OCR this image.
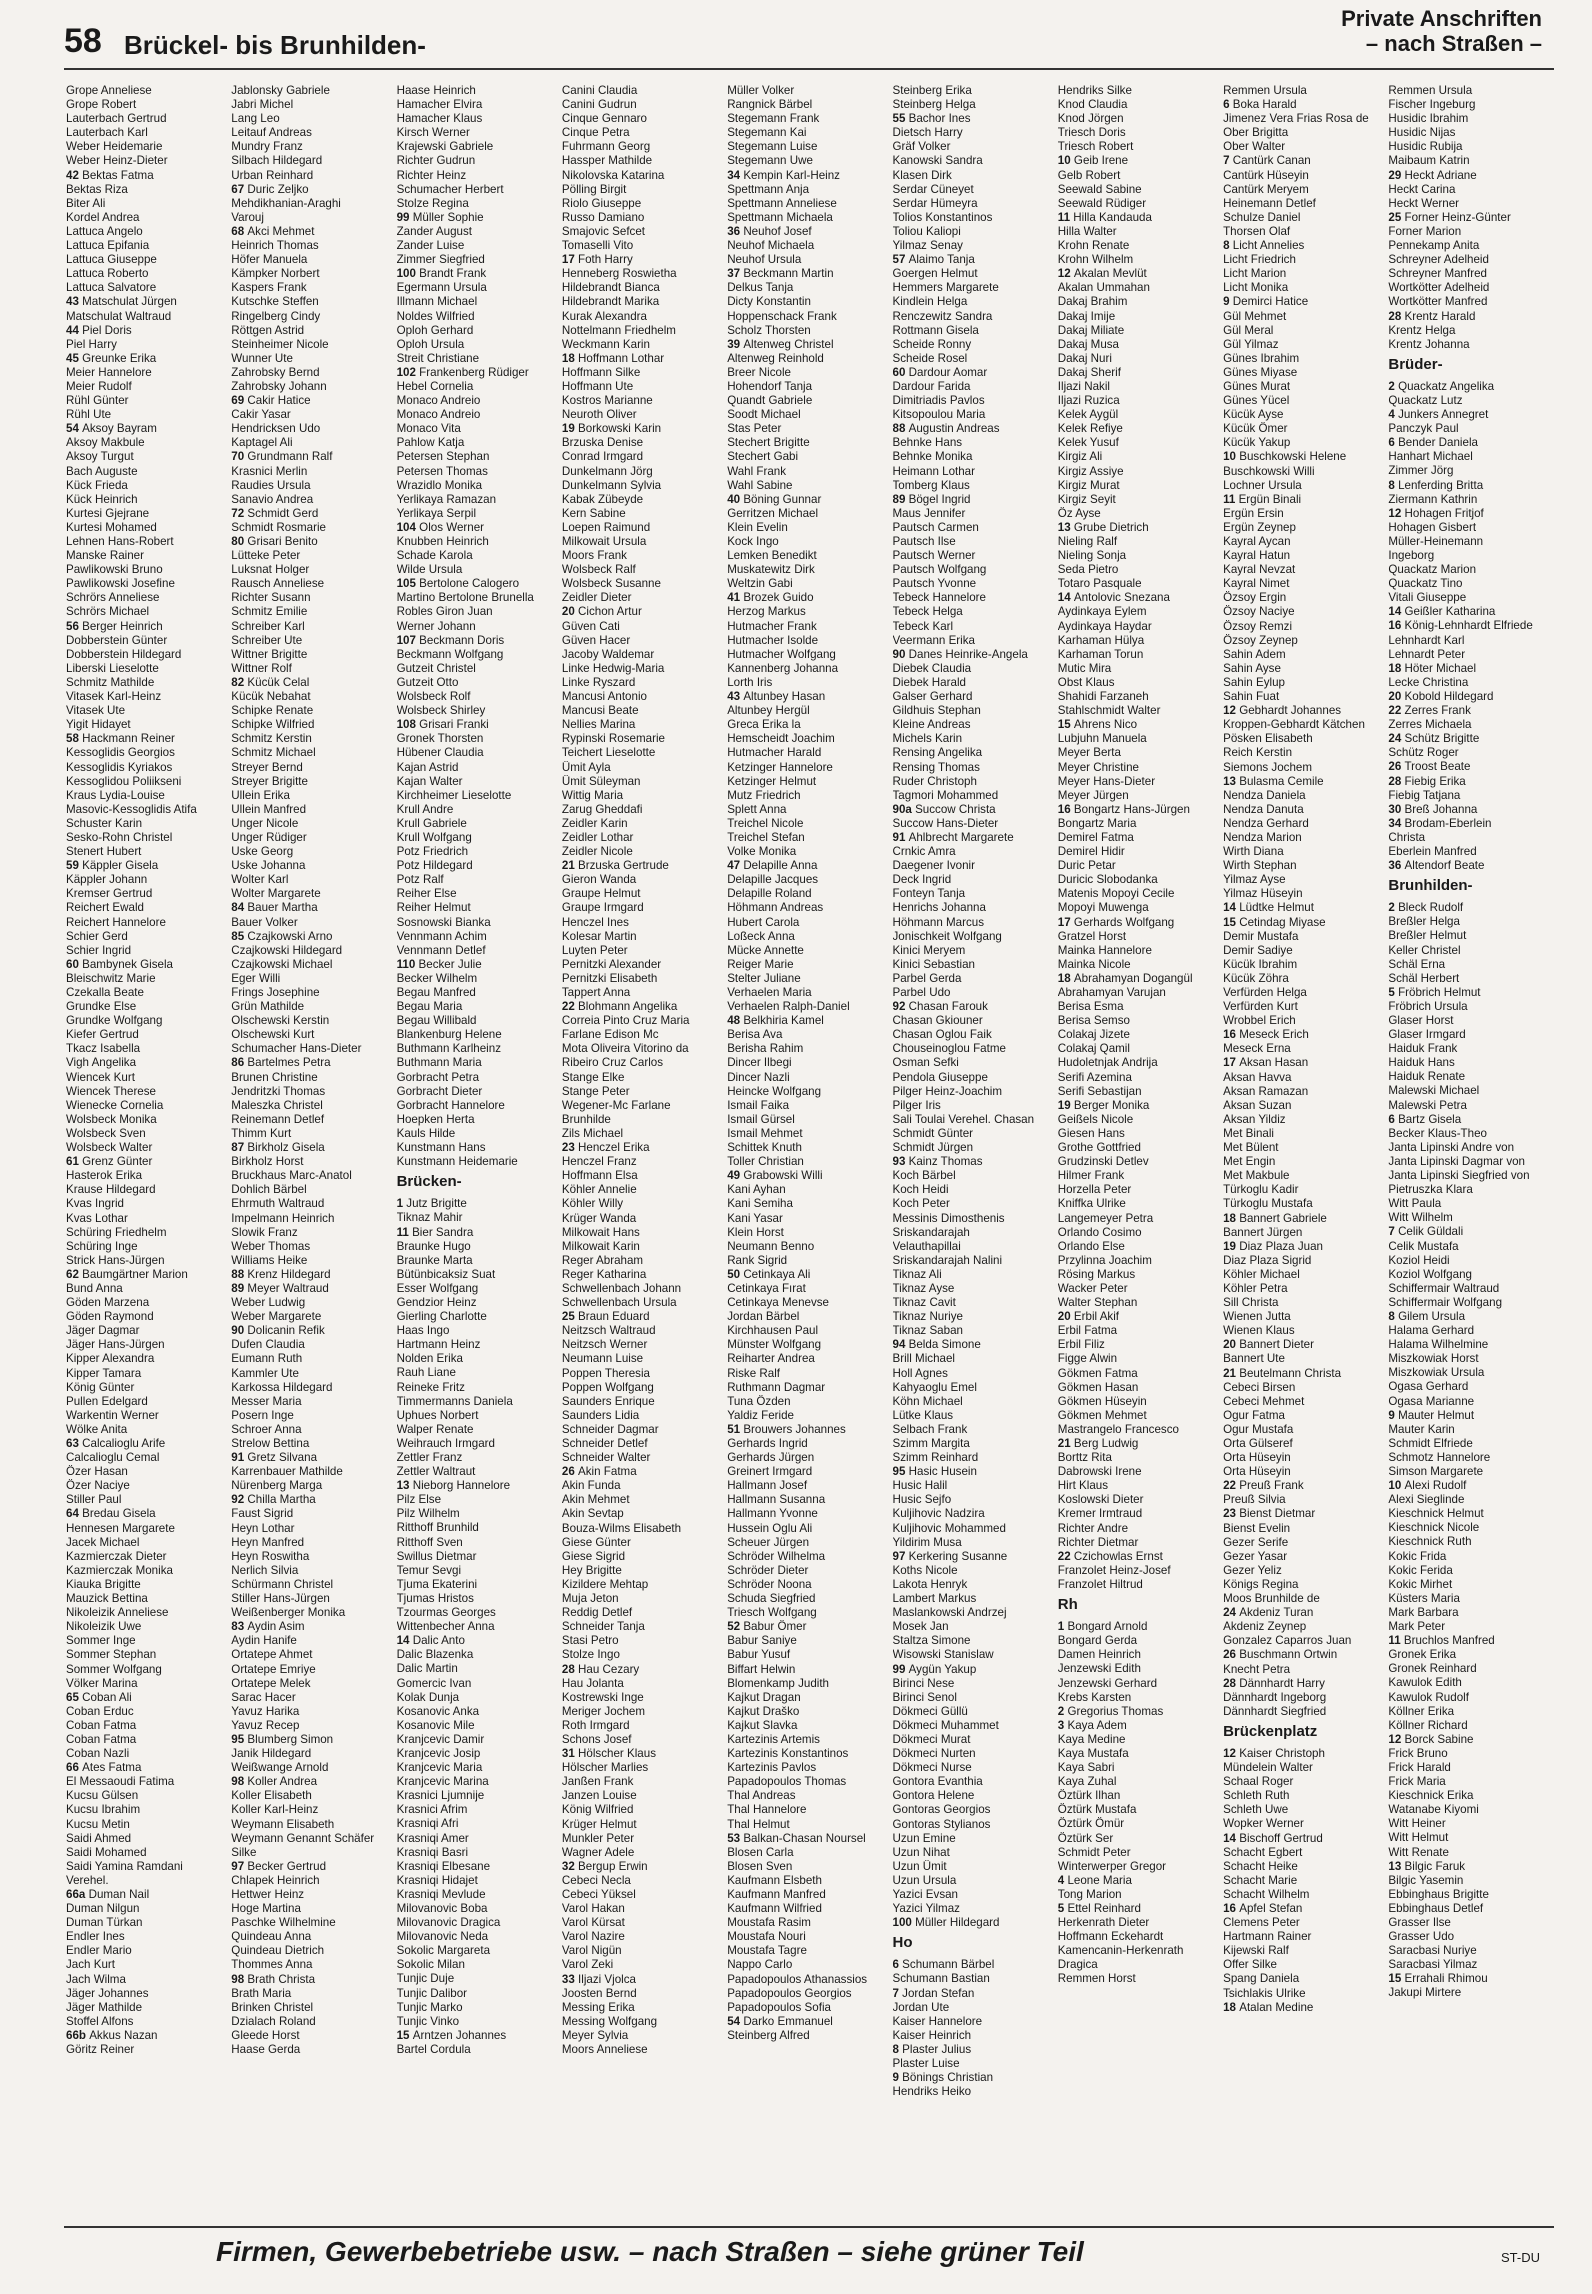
58 Brückel- bis Brunhilden-
Private Anschriften
– nach Straßen –
Grope Anneliese
Grope Robert
Lauterbach Gertrud
Lauterbach Karl
Weber Heidemarie
Weber Heinz-Dieter
42 Bektas Fatma
Bektas Riza
Biter Ali
Kordel Andrea
Lattuca Angelo
Lattuca Epifania
Lattuca Giuseppe
Lattuca Roberto
Lattuca Salvatore
43 Matschulat Jürgen
Matschulat Waltraud
44 Piel Doris
Piel Harry
45 Greunke Erika
Meier Hannelore
Meier Rudolf
Rühl Günter
Rühl Ute
54 Aksoy Bayram
Aksoy Makbule
Aksoy Turgut
Bach Auguste
Kück Frieda
Kück Heinrich
Kurtesi Gjejrane
Kurtesi Mohamed
Lehnen Hans-Robert
Manske Rainer
Pawlikowski Bruno
Pawlikowski Josefine
Schrörs Anneliese
Schrörs Michael
56 Berger Heinrich
Dobberstein Günter
Dobberstein Hildegard
Liberski Lieselotte
Schmitz Mathilde
Vitasek Karl-Heinz
Vitasek Ute
Yigit Hidayet
58 Hackmann Reiner
Kessoglidis Georgios
Kessoglidis Kyriakos
Kessoglidou Poliikseni
Kraus Lydia-Louise
Masovic-Kessoglidis Atifa
Schuster Karin
Sesko-Rohn Christel
Stenert Hubert
59 Käppler Gisela
Käppler Johann
Kremser Gertrud
Reichert Ewald
Reichert Hannelore
Schier Gerd
Schier Ingrid
60 Bambynek Gisela
Bleischwitz Marie
Czekalla Beate
Grundke Else
Grundke Wolfgang
Kiefer Gertrud
Tkacz Isabella
Vigh Angelika
Wiencek Kurt
Wiencek Therese
Wienecke Cornelia
Wolsbeck Monika
Wolsbeck Sven
Wolsbeck Walter
61 Grenz Günter
Hasterok Erika
Krause Hildegard
Kvas Ingrid
Kvas Lothar
Schüring Friedhelm
Schüring Inge
Strick Hans-Jürgen
62 Baumgärtner Marion
Bund Anna
Göden Marzena
Göden Raymond
Jäger Dagmar
Jäger Hans-Jürgen
Kipper Alexandra
Kipper Tamara
König Günter
Pullen Edelgard
Warkentin Werner
Wölke Anita
63 Calcalioglu Arife
Calcalioglu Cemal
Özer Hasan
Özer Naciye
Stiller Paul
64 Bredau Gisela
Hennesen Margarete
Jacek Michael
Kazmierczak Dieter
Kazmierczak Monika
Kiauka Brigitte
Mauzick Bettina
Nikoleizik Anneliese
Nikoleizik Uwe
Sommer Inge
Sommer Stephan
Sommer Wolfgang
Völker Marina
65 Coban Ali
Coban Erduc
Coban Fatma
Coban Fatma
Coban Nazli
66 Ates Fatma
El Messaoudi Fatima
Kucsu Gülsen
Kucsu Ibrahim
Kucsu Metin
Saidi Ahmed
Saidi Mohamed
Saidi Yamina Ramdani
Verehel.
66a Duman Nail
Duman Nilgun
Duman Türkan
Endler Ines
Endler Mario
Jach Kurt
Jach Wilma
Jäger Johannes
Jäger Mathilde
Stoffel Alfons
66b Akkus Nazan
Göritz Reiner
Jablonsky Gabriele
Jabri Michel
Lang Leo
Leitauf Andreas
Mundry Franz
Silbach Hildegard
Urban Reinhard
67 Duric Zeljko
Mehdikhanian-Araghi
Varouj
68 Akci Mehmet
Heinrich Thomas
Höfer Manuela
Kämpker Norbert
Kaspers Frank
Kutschke Steffen
Ringelberg Cindy
Röttgen Astrid
Steinheimer Nicole
Wunner Ute
Zahrobsky Bernd
Zahrobsky Johann
69 Cakir Hatice
Cakir Yasar
Hendricksen Udo
Kaptagel Ali
70 Grundmann Ralf
Krasnici Merlin
Raudies Ursula
Sanavio Andrea
72 Schmidt Gerd
Schmidt Rosmarie
80 Grisari Benito
Lütteke Peter
Luksnat Holger
Rausch Anneliese
Richter Susann
Schmitz Emilie
Schreiber Karl
Schreiber Ute
Wittner Brigitte
Wittner Rolf
82 Kücük Celal
Kücük Nebahat
Schipke Renate
Schipke Wilfried
Schmitz Kerstin
Schmitz Michael
Streyer Bernd
Streyer Brigitte
Ullein Erika
Ullein Manfred
Unger Nicole
Unger Rüdiger
Uske Georg
Uske Johanna
Wolter Karl
Wolter Margarete
84 Bauer Martha
Bauer Volker
85 Czajkowski Arno
Czajkowski Hildegard
Czajkowski Michael
Eger Willi
Frings Josephine
Grün Mathilde
Olschewski Kerstin
Olschewski Kurt
Schumacher Hans-Dieter
86 Bartelmes Petra
Brunen Christine
Jendritzki Thomas
Maleszka Christel
Reinemann Detlef
Thimm Kurt
87 Birkholz Gisela
Birkholz Horst
Bruckhaus Marc-Anatol
Dohlich Bärbel
Ehrmuth Waltraud
Impelmann Heinrich
Slowik Franz
Weber Thomas
Williams Heike
88 Krenz Hildegard
89 Meyer Waltraud
Weber Ludwig
Weber Margarete
90 Dolicanin Refik
Dufen Claudia
Eumann Ruth
Kammler Ute
Karkossa Hildegard
Messer Maria
Posern Inge
Schroer Anna
Strelow Bettina
91 Gretz Silvana
Karrenbauer Mathilde
Nürenberg Marga
92 Chilla Martha
Faust Sigrid
Heyn Lothar
Heyn Manfred
Heyn Roswitha
Nerlich Silvia
Schürmann Christel
Stiller Hans-Jürgen
Weißenberger Monika
83 Aydin Asim
Aydin Hanife
Ortatepe Ahmet
Ortatepe Emriye
Ortatepe Melek
Sarac Hacer
Yavuz Harika
Yavuz Recep
95 Blumberg Simon
Janik Hildegard
Weißwange Arnold
98 Koller Andrea
Koller Elisabeth
Koller Karl-Heinz
Weymann Elisabeth
Weymann Genannt Schäfer
Silke
97 Becker Gertrud
Chlapek Heinrich
Hettwer Heinz
Hoge Martina
Paschke Wilhelmine
Quindeau Anna
Quindeau Dietrich
Thommes Anna
98 Brath Christa
Brath Maria
Brinken Christel
Dzialach Roland
Gleede Horst
Haase Gerda
Haase Heinrich
Hamacher Elvira
Hamacher Klaus
Kirsch Werner
Krajewski Gabriele
Richter Gudrun
Richter Heinz
Schumacher Herbert
Stolze Regina
99 Müller Sophie
Zander August
Zander Luise
Zimmer Siegfried
100 Brandt Frank
Egermann Ursula
Illmann Michael
Noldes Wilfried
Oploh Gerhard
Oploh Ursula
Streit Christiane
102 Frankenberg Rüdiger
Hebel Cornelia
Monaco Andreio
Monaco Andreio
Monaco Vita
Pahlow Katja
Petersen Stephan
Petersen Thomas
Wrazidlo Monika
Yerlikaya Ramazan
Yerlikaya Serpil
104 Olos Werner
Knubben Heinrich
Schade Karola
Wilde Ursula
105 Bertolone Calogero
Martino Bertolone Brunella
Robles Giron Juan
Werner Johann
107 Beckmann Doris
Beckmann Wolfgang
Gutzeit Christel
Gutzeit Otto
Wolsbeck Rolf
Wolsbeck Shirley
108 Grisari Franki
Gronek Thorsten
Hübener Claudia
Kajan Astrid
Kajan Walter
Kirchheimer Lieselotte
Krull Andre
Krull Gabriele
Krull Wolfgang
Potz Friedrich
Potz Hildegard
Potz Ralf
Reiher Else
Reiher Helmut
Sosnowski Bianka
Vennmann Achim
Vennmann Detlef
110 Becker Julie
Becker Wilhelm
Begau Manfred
Begau Maria
Begau Willibald
Blankenburg Helene
Buthmann Karlheinz
Buthmann Maria
Gorbracht Petra
Gorbracht Dieter
Gorbracht Hannelore
Hoepken Herta
Kauls Hilde
Kunstmann Hans
Kunstmann Heidemarie
Brücken-
1 Jutz Brigitte
Tiknaz Mahir
11 Bier Sandra
Braunke Hugo
Braunke Marta
Bütünbicaksiz Suat
Esser Wolfgang
Gendzior Heinz
Gierling Charlotte
Haas Ingo
Hartmann Heinz
Nolden Erika
Rauh Liane
Reineke Fritz
Timmermanns Daniela
Uphues Norbert
Walper Renate
Weihrauch Irmgard
Zettler Franz
Zettler Waltraut
13 Nieborg Hannelore
Pilz Else
Pilz Wilhelm
Ritthoff Brunhild
Ritthoff Sven
Swillus Dietmar
Temur Sevgi
Tjuma Ekaterini
Tjumas Hristos
Tzourmas Georges
Wittenbecher Anna
14 Dalic Anto
Dalic Blazenka
Dalic Martin
Gomercic Ivan
Kolak Dunja
Kosanovic Anka
Kosanovic Mile
Kranjcevic Damir
Kranjcevic Josip
Kranjcevic Maria
Kranjcevic Marina
Krasnici Ljumnije
Krasnici Afrim
Krasniqi Afri
Krasniqi Amer
Krasniqi Basri
Krasniqi Elbesane
Krasniqi Hidajet
Krasniqi Mevlude
Milovanovic Boba
Milovanovic Dragica
Milovanovic Neda
Sokolic Margareta
Sokolic Milan
Tunjic Duje
Tunjic Dalibor
Tunjic Marko
Tunjic Vinko
15 Arntzen Johannes
Bartel Cordula
Canini Claudia
Canini Gudrun
Cinque Gennaro
Cinque Petra
Fuhrmann Georg
Hassper Mathilde
Nikolovska Katarina
Pölling Birgit
Riolo Giuseppe
Russo Damiano
Smajovic Sefcet
Tomaselli Vito
17 Foth Harry
Henneberg Roswietha
Hildebrandt Bianca
Hildebrandt Marika
Kurak Alexandra
Nottelmann Friedhelm
Weckmann Karin
18 Hoffmann Lothar
Hoffmann Silke
Hoffmann Ute
Kostros Marianne
Neuroth Oliver
19 Borkowski Karin
Brzuska Denise
Conrad Irmgard
Dunkelmann Jörg
Dunkelmann Sylvia
Kabak Zübeyde
Kern Sabine
Loepen Raimund
Milkowait Ursula
Moors Frank
Wolsbeck Ralf
Wolsbeck Susanne
Zeidler Dieter
20 Cichon Artur
Güven Cati
Güven Hacer
Jacoby Waldemar
Linke Hedwig-Maria
Linke Ryszard
Mancusi Antonio
Mancusi Beate
Nellies Marina
Rypinski Rosemarie
Teichert Lieselotte
Ümit Ayla
Ümit Süleyman
Wittig Maria
Zarug Gheddafi
Zeidler Karin
Zeidler Lothar
Zeidler Nicole
21 Brzuska Gertrude
Gieron Wanda
Graupe Helmut
Graupe Irmgard
Henczel Ines
Kolesar Martin
Luyten Peter
Pernitzki Alexander
Pernitzki Elisabeth
Tappert Anna
22 Blohmann Angelika
Correia Pinto Cruz Maria
Farlane Edison Mc
Mota Oliveira Vitorino da
Ribeiro Cruz Carlos
Stange Elke
Stange Peter
Wegener-Mc Farlane
Brunhilde
Zils Michael
23 Henczel Erika
Henczel Franz
Hoffmann Elsa
Köhler Annelie
Köhler Willy
Krüger Wanda
Milkowait Hans
Milkowait Karin
Reger Abraham
Reger Katharina
Schwellenbach Johann
Schwellenbach Ursula
25 Braun Eduard
Neitzsch Waltraud
Neitzsch Werner
Neumann Luise
Poppen Theresia
Poppen Wolfgang
Saunders Enrique
Saunders Lidia
Schneider Dagmar
Schneider Detlef
Schneider Walter
26 Akin Fatma
Akin Funda
Akin Mehmet
Akin Sevtap
Bouza-Wilms Elisabeth
Giese Günter
Giese Sigrid
Hey Brigitte
Kizildere Mehtap
Muja Jeton
Reddig Detlef
Schneider Tanja
Stasi Petro
Stolze Ingo
28 Hau Cezary
Hau Jolanta
Kostrewski Inge
Meriger Jochem
Roth Irmgard
Schons Josef
31 Hölscher Klaus
Hölscher Marlies
Janßen Frank
Janzen Louise
König Wilfried
Krüger Helmut
Munkler Peter
Wagner Adele
32 Bergup Erwin
Cebeci Necla
Cebeci Yüksel
Varol Hakan
Varol Kürsat
Varol Nazire
Varol Nigün
Varol Zeki
33 Iljazi Vjolca
Joosten Bernd
Messing Erika
Messing Wolfgang
Meyer Sylvia
Moors Anneliese
Müller Volker
Rangnick Bärbel
Stegemann Frank
Stegemann Kai
Stegemann Luise
Stegemann Uwe
34 Kempin Karl-Heinz
Spettmann Anja
Spettmann Anneliese
Spettmann Michaela
36 Neuhof Josef
Neuhof Michaela
Neuhof Ursula
37 Beckmann Martin
Delkus Tanja
Dicty Konstantin
Hoppenschack Frank
Scholz Thorsten
39 Altenweg Christel
Altenweg Reinhold
Breer Nicole
Hohendorf Tanja
Quandt Gabriele
Soodt Michael
Stas Peter
Stechert Brigitte
Stechert Gabi
Wahl Frank
Wahl Sabine
40 Böning Gunnar
Gerritzen Michael
Klein Evelin
Kock Ingo
Lemken Benedikt
Muskatewitz Dirk
Weltzin Gabi
41 Brozek Guido
Herzog Markus
Hutmacher Frank
Hutmacher Isolde
Hutmacher Wolfgang
Kannenberg Johanna
Lorth Iris
43 Altunbey Hasan
Altunbey Hergül
Greca Erika la
Hemscheidt Joachim
Hutmacher Harald
Ketzinger Hannelore
Ketzinger Helmut
Mutz Friedrich
Splett Anna
Treichel Nicole
Treichel Stefan
Volke Monika
47 Delapille Anna
Delapille Jacques
Delapille Roland
Höhmann Andreas
Hubert Carola
Loßeck Anna
Mücke Annette
Reiger Marie
Stelter Juliane
Verhaelen Maria
Verhaelen Ralph-Daniel
48 Belkhiria Kamel
Berisa Ava
Berisha Rahim
Dincer Ilbegi
Dincer Nazli
Heincke Wolfgang
Ismail Faika
Ismail Gürsel
Ismail Mehmet
Schittek Knuth
Toller Christian
49 Grabowski Willi
Kani Ayhan
Kani Semiha
Kani Yasar
Klein Horst
Neumann Benno
Rank Sigrid
50 Cetinkaya Ali
Cetinkaya Fırat
Cetinkaya Menevse
Jordan Bärbel
Kirchhausen Paul
Münster Wolfgang
Reiharter Andrea
Riske Ralf
Ruthmann Dagmar
Tuna Özden
Yaldiz Feride
51 Brouwers Johannes
Gerhards Ingrid
Gerhards Jürgen
Greinert Irmgard
Hallmann Josef
Hallmann Susanna
Hallmann Yvonne
Hussein Oglu Ali
Scheuer Jürgen
Schröder Wilhelma
Schröder Dieter
Schröder Noona
Schuda Siegfried
Triesch Wolfgang
52 Babur Ömer
Babur Saniye
Babur Yusuf
Biffart Helwin
Blomenkamp Judith
Kajkut Dragan
Kajkut Draško
Kajkut Slavka
Kartezinis Artemis
Kartezinis Konstantinos
Kartezinis Pavlos
Papadopoulos Thomas
Thal Andreas
Thal Hannelore
Thal Helmut
53 Balkan-Chasan Noursel
Blosen Carla
Blosen Sven
Kaufmann Elsbeth
Kaufmann Manfred
Kaufmann Wilfried
Moustafa Rasim
Moustafa Nouri
Moustafa Tagre
Nappo Carlo
Papadopoulos Athanassios
Papadopoulos Georgios
Papadopoulos Sofia
54 Darko Emmanuel
Steinberg Alfred
Steinberg Erika
Steinberg Helga
55 Bachor Ines
Dietsch Harry
Gräf Volker
Kanowski Sandra
Klasen Dirk
Serdar Cüneyet
Serdar Hümeyra
Tolios Konstantinos
Toliou Kaliopi
Yilmaz Senay
57 Alaimo Tanja
Goergen Helmut
Hemmers Margarete
Kindlein Helga
Renczewitz Sandra
Rottmann Gisela
Scheide Ronny
Scheide Rosel
60 Dardour Aomar
Dardour Farida
Dimitriadis Pavlos
Kitsopoulou Maria
88 Augustin Andreas
Behnke Hans
Behnke Monika
Heimann Lothar
Tomberg Klaus
89 Bögel Ingrid
Maus Jennifer
Pautsch Carmen
Pautsch Ilse
Pautsch Werner
Pautsch Wolfgang
Pautsch Yvonne
Tebeck Hannelore
Tebeck Helga
Tebeck Karl
Veermann Erika
90 Danes Heinrike-Angela
Diebek Claudia
Diebek Harald
Galser Gerhard
Gildhuis Stephan
Kleine Andreas
Michels Karin
Rensing Angelika
Rensing Thomas
Ruder Christoph
Tagmori Mohammed
90a Succow Christa
Succow Hans-Dieter
91 Ahlbrecht Margarete
Crnkic Amra
Daegener Ivonir
Deck Ingrid
Fonteyn Tanja
Henrichs Johanna
Höhmann Marcus
Jonischkeit Wolfgang
Kinici Meryem
Kinici Sebastian
Parbel Gerda
Parbel Udo
92 Chasan Farouk
Chasan Gkiouner
Chasan Oglou Faik
Chouseinoglou Fatme
Osman Sefki
Pendola Giuseppe
Pilger Heinz-Joachim
Pilger Iris
Sali Toulai Verehel. Chasan
Schmidt Günter
Schmidt Jürgen
93 Kainz Thomas
Koch Bärbel
Koch Heidi
Koch Peter
Messinis Dimosthenis
Sriskandarajah
Velauthapillai
Sriskandarajah Nalini
Tiknaz Ali
Tiknaz Ayse
Tiknaz Cavit
Tiknaz Nuriye
Tiknaz Saban
94 Belda Simone
Brill Michael
Holl Agnes
Kahyaoglu Emel
Köhn Michael
Lütke Klaus
Selbach Frank
Szimm Margita
Szimm Reinhard
95 Hasic Husein
Husic Halil
Husic Sejfo
Kuljihovic Nadzira
Kuljihovic Mohammed
Yildirim Musa
97 Kerkering Susanne
Koths Nicole
Lakota Henryk
Lambert Markus
Maslankowski Andrzej
Mosek Jan
Staltza Simone
Wisowski Stanislaw
99 Aygün Yakup
Birinci Nese
Birinci Senol
Dökmeci Güllü
Dökmeci Muhammet
Dökmeci Murat
Dökmeci Nurten
Dökmeci Nurse
Gontora Evanthia
Gontora Helene
Gontoras Georgios
Gontoras Stylianos
Uzun Emine
Uzun Nihat
Uzun Ümit
Uzun Ursula
Yazici Evsan
Yazici Yilmaz
100 Müller Hildegard
Ho
6 Schumann Bärbel
Schumann Bastian
7 Jordan Stefan
Jordan Ute
Kaiser Hannelore
Kaiser Heinrich
8 Plaster Julius
Plaster Luise
9 Bönings Christian
Hendriks Heiko
Hendriks Silke
Knod Claudia
Knod Jörgen
Triesch Doris
Triesch Robert
10 Geib Irene
Gelb Robert
Seewald Sabine
Seewald Rüdiger
11 Hilla Kandauda
Hilla Walter
Krohn Renate
Krohn Wilhelm
12 Akalan Mevlüt
Akalan Ummahan
Dakaj Brahim
Dakaj Imije
Dakaj Miliate
Dakaj Musa
Dakaj Nuri
Dakaj Sherif
Iljazi Nakil
Iljazi Ruzica
Kelek Aygül
Kelek Refiye
Kelek Yusuf
Kirgiz Ali
Kirgiz Assiye
Kirgiz Murat
Kirgiz Seyit
Öz Ayse
13 Grube Dietrich
Nieling Ralf
Nieling Sonja
Seda Pietro
Totaro Pasquale
14 Antolovic Snezana
Aydinkaya Eylem
Aydinkaya Haydar
Karhaman Hülya
Karhaman Torun
Mutic Mira
Obst Klaus
Shahidi Farzaneh
Stahlschmidt Walter
15 Ahrens Nico
Lubjuhn Manuela
Meyer Berta
Meyer Christine
Meyer Hans-Dieter
Meyer Jürgen
16 Bongartz Hans-Jürgen
Bongartz Maria
Demirel Fatma
Demirel Hidir
Duric Petar
Duricic Slobodanka
Matenis Mopoyi Cecile
Mopoyi Muwenga
17 Gerhards Wolfgang
Gratzel Horst
Mainka Hannelore
Mainka Nicole
18 Abrahamyan Dogangül
Abrahamyan Varujan
Berisa Esma
Berisa Semso
Colakaj Jizete
Colakaj Qamil
Hudoletnjak Andrija
Serifi Azemina
Serifi Sebastijan
19 Berger Monika
Geißels Nicole
Giesen Hans
Grothe Gottfried
Grudzinski Detlev
Hilmer Frank
Horzella Peter
Kniffka Ulrike
Langemeyer Petra
Orlando Cosimo
Orlando Else
Przylinna Joachim
Rösing Markus
Wacker Peter
Walter Stephan
20 Erbil Akif
Erbil Fatma
Erbil Filiz
Figge Alwin
Gökmen Fatma
Gökmen Hasan
Gökmen Hüseyin
Gökmen Mehmet
Mastrangelo Francesco
21 Berg Ludwig
Borttz Rita
Dabrowski Irene
Hirt Klaus
Koslowski Dieter
Kremer Irmtraud
Richter Andre
Richter Dietmar
22 Czichowlas Ernst
Franzolet Heinz-Josef
Franzolet Hiltrud
Rh
1 Bongard Arnold
Bongard Gerda
Damen Heinrich
Jenzewski Edith
Jenzewski Gerhard
Krebs Karsten
2 Gregorius Thomas
3 Kaya Adem
Kaya Medine
Kaya Mustafa
Kaya Sabri
Kaya Zuhal
Öztürk Ilhan
Öztürk Mustafa
Öztürk Ömür
Öztürk Ser
Schmidt Peter
Winterwerper Gregor
4 Leone Maria
Tong Marion
5 Ettel Reinhard
Herkenrath Dieter
Hoffmann Eckehardt
Kamencanin-Herkenrath
Dragica
Remmen Horst
Remmen Ursula
6 Boka Harald
Jimenez Vera Frias Rosa de
Ober Brigitta
Ober Walter
7 Cantürk Canan
Cantürk Hüseyin
Cantürk Meryem
Heinemann Detlef
Schulze Daniel
Thorsen Olaf
8 Licht Annelies
Licht Friedrich
Licht Marion
Licht Monika
9 Demirci Hatice
Gül Mehmet
Gül Meral
Gül Yilmaz
Günes Ibrahim
Günes Miyase
Günes Murat
Günes Yücel
Kücük Ayse
Kücük Ömer
Kücük Yakup
10 Buschkowski Helene
Buschkowski Willi
Lochner Ursula
11 Ergün Binali
Ergün Ersin
Ergün Zeynep
Kayral Aycan
Kayral Hatun
Kayral Nevzat
Kayral Nimet
Özsoy Ergin
Özsoy Naciye
Özsoy Remzi
Özsoy Zeynep
Sahin Adem
Sahin Ayse
Sahin Eylup
Sahin Fuat
12 Gebhardt Johannes
Kroppen-Gebhardt Kätchen
Pösken Elisabeth
Reich Kerstin
Siemons Jochem
13 Bulasma Cemile
Nendza Daniela
Nendza Danuta
Nendza Gerhard
Nendza Marion
Wirth Diana
Wirth Stephan
Yilmaz Ayse
Yilmaz Hüseyin
14 Lüdtke Helmut
15 Cetindag Miyase
Demir Mustafa
Demir Sadiye
Kücük Ibrahim
Kücük Zöhra
Verfürden Helga
Verfürden Kurt
Wrobbel Erich
16 Meseck Erich
Meseck Erna
17 Aksan Hasan
Aksan Havva
Aksan Ramazan
Aksan Suzan
Aksan Yildiz
Met Binali
Met Bülent
Met Engin
Met Makbule
Türkoglu Kadir
Türkoglu Mustafa
18 Bannert Gabriele
Bannert Jürgen
19 Diaz Plaza Juan
Diaz Plaza Sigrid
Köhler Michael
Köhler Petra
Sill Christa
Wienen Jutta
Wienen Klaus
20 Bannert Dieter
Bannert Ute
21 Beutelmann Christa
Cebeci Birsen
Cebeci Mehmet
Ogur Fatma
Ogur Mustafa
Orta Gülseref
Orta Hüseyin
Orta Hüseyin
22 Preuß Frank
Preuß Silvia
23 Bienst Dietmar
Bienst Evelin
Gezer Serife
Gezer Yasar
Gezer Yeliz
Königs Regina
Moos Brunhilde de
24 Akdeniz Turan
Akdeniz Zeynep
Gonzalez Caparros Juan
26 Buschmann Ortwin
Knecht Petra
28 Dännhardt Harry
Dännhardt Ingeborg
Dännhardt Siegfried
Brückenplatz
12 Kaiser Christoph
Mündelein Walter
Schaal Roger
Schleth Ruth
Schleth Uwe
Wopker Werner
14 Bischoff Gertrud
Schacht Egbert
Schacht Heike
Schacht Marie
Schacht Wilhelm
16 Apfel Stefan
Clemens Peter
Hartmann Rainer
Kijewski Ralf
Offer Silke
Spang Daniela
Tsichlakis Ulrike
18 Atalan Medine
Remmen Ursula
Fischer Ingeburg
Husidic Ibrahim
Husidic Nijas
Husidic Rubija
Maibaum Katrin
29 Heckt Adriane
Heckt Carina
Heckt Werner
25 Forner Heinz-Günter
Forner Marion
Pennekamp Anita
Schreyner Adelheid
Schreyner Manfred
Wortkötter Adelheid
Wortkötter Manfred
28 Krentz Harald
Krentz Helga
Krentz Johanna
Brüder-
2 Quackatz Angelika
Quackatz Lutz
4 Junkers Annegret
Panczyk Paul
6 Bender Daniela
Hanhart Michael
Zimmer Jörg
8 Lenferding Britta
Ziermann Kathrin
12 Hohagen Fritjof
Hohagen Gisbert
Müller-Heinemann
Ingeborg
Quackatz Marion
Quackatz Tino
Vitali Giuseppe
14 Geißler Katharina
16 König-Lehnhardt Elfriede
Lehnhardt Karl
Lehnardt Peter
18 Höter Michael
Lecke Christina
20 Kobold Hildegard
22 Zerres Frank
Zerres Michaela
24 Schütz Brigitte
Schütz Roger
26 Troost Beate
28 Fiebig Erika
Fiebig Tatjana
30 Breß Johanna
34 Brodam-Eberlein
Christa
Eberlein Manfred
36 Altendorf Beate
Brunhilden-
2 Bleck Rudolf
Breßler Helga
Breßler Helmut
Keller Christel
Schäl Erna
Schäl Herbert
5 Fröbrich Helmut
Fröbrich Ursula
Glaser Horst
Glaser Irmgard
Haiduk Frank
Haiduk Hans
Haiduk Renate
Malewski Michael
Malewski Petra
6 Bartz Gisela
Becker Klaus-Theo
Janta Lipinski Andre von
Janta Lipinski Dagmar von
Janta Lipinski Siegfried von
Pietruszka Klara
Witt Paula
Witt Wilhelm
7 Celik Güldali
Celik Mustafa
Koziol Heidi
Koziol Wolfgang
Schiffermair Waltraud
Schiffermair Wolfgang
8 Gilem Ursula
Halama Gerhard
Halama Wilhelmine
Miszkowiak Horst
Miszkowiak Ursula
Ogasa Gerhard
Ogasa Marianne
9 Mauter Helmut
Mauter Karin
Schmidt Elfriede
Schmotz Hannelore
Simson Margarete
10 Alexi Rudolf
Alexi Sieglinde
Kieschnick Helmut
Kieschnick Nicole
Kieschnick Ruth
Kokic Frida
Kokic Ferida
Kokic Mirhet
Küsters Maria
Mark Barbara
Mark Peter
11 Bruchlos Manfred
Gronek Erika
Gronek Reinhard
Kawulok Edith
Kawulok Rudolf
Köllner Erika
Köllner Richard
12 Borck Sabine
Frick Bruno
Frick Harald
Frick Maria
Kieschnick Erika
Watanabe Kiyomi
Witt Heiner
Witt Helmut
Witt Renate
13 Bilgic Faruk
Bilgic Yasemin
Ebbinghaus Brigitte
Ebbinghaus Detlef
Grasser Ilse
Grasser Udo
Saracbasi Nuriye
Saracbasi Yilmaz
15 Errahali Rhimou
Jakupi Mirtere
Firmen, Gewerbebetriebe usw. – nach Straßen – siehe grüner Teil	ST-DU
